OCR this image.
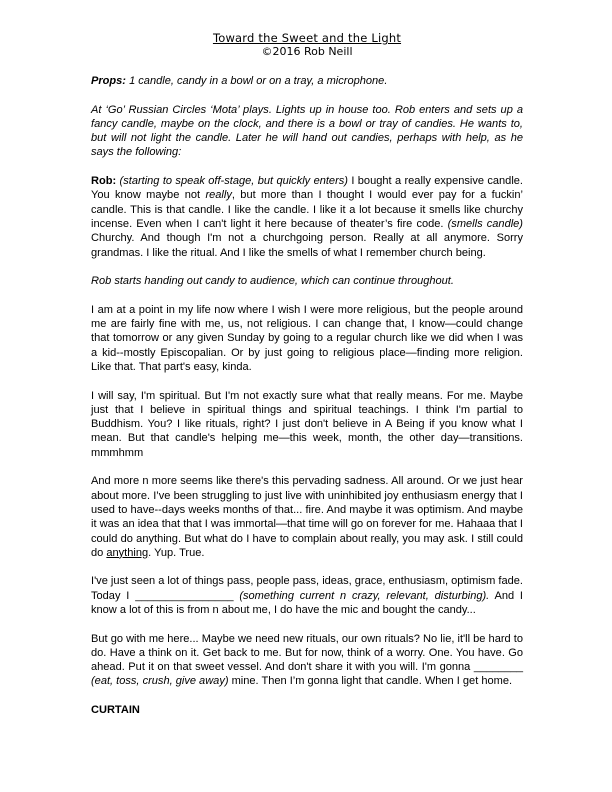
Toward the Sweet and the Light
©2016 Rob Neill

Props: 1 candle, candy in a bowl or on a tray, a microphone.

At ‘Go’ Russian Circles ‘Mota’ plays. Lights up in house too. Rob enters and sets up a fancy candle, maybe on the clock, and there is a bowl or tray of candies. He wants to, but will not light the candle. Later he will hand out candies, perhaps with help, as he says the following:

Rob: (starting to speak off-stage, but quickly enters) I bought a really expensive candle. You know maybe not really, but more than I thought I would ever pay for a fuckin’ candle. This is that candle. I like the candle. I like it a lot because it smells like churchy incense. Even when I can't light it here because of theater’s fire code. (smells candle) Churchy. And though I'm not a churchgoing person. Really at all anymore. Sorry grandmas. I like the ritual. And I like the smells of what I remember church being.

Rob starts handing out candy to audience, which can continue throughout.

I am at a point in my life now where I wish I were more religious, but the people around me are fairly fine with me, us, not religious. I can change that, I know—could change that tomorrow or any given Sunday by going to a regular church like we did when I was a kid--mostly Episcopalian. Or by just going to religious place—finding more religion. Like that. That part's easy, kinda.

I will say, I'm spiritual. But I'm not exactly sure what that really means. For me. Maybe just that I believe in spiritual things and spiritual teachings. I think I'm partial to Buddhism. You? I like rituals, right? I just don't believe in A Being if you know what I mean. But that candle's helping me—this week, month, the other day—transitions. mmmhmm

And more n more seems like there's this pervading sadness. All around. Or we just hear about more. I’ve been struggling to just live with uninhibited joy enthusiasm energy that I used to have--days weeks months of that... fire. And maybe it was optimism. And maybe it was an idea that that I was immortal—that time will go on forever for me. Hahaaa that I could do anything. But what do I have to complain about really, you may ask. I still could do anything. Yup. True.

I've just seen a lot of things pass, people pass, ideas, grace, enthusiasm, optimism fade. Today I ________________ (something current n crazy, relevant, disturbing). And I know a lot of this is from n about me, I do have the mic and bought the candy...

But go with me here... Maybe we need new rituals, our own rituals? No lie, it'll be hard to do. Have a think on it. Get back to me. But for now, think of a worry. One. You have. Go ahead. Put it on that sweet vessel. And don't share it with you will. I'm gonna ________ (eat, toss, crush, give away) mine. Then I’m gonna light that candle. When I get home.

CURTAIN
